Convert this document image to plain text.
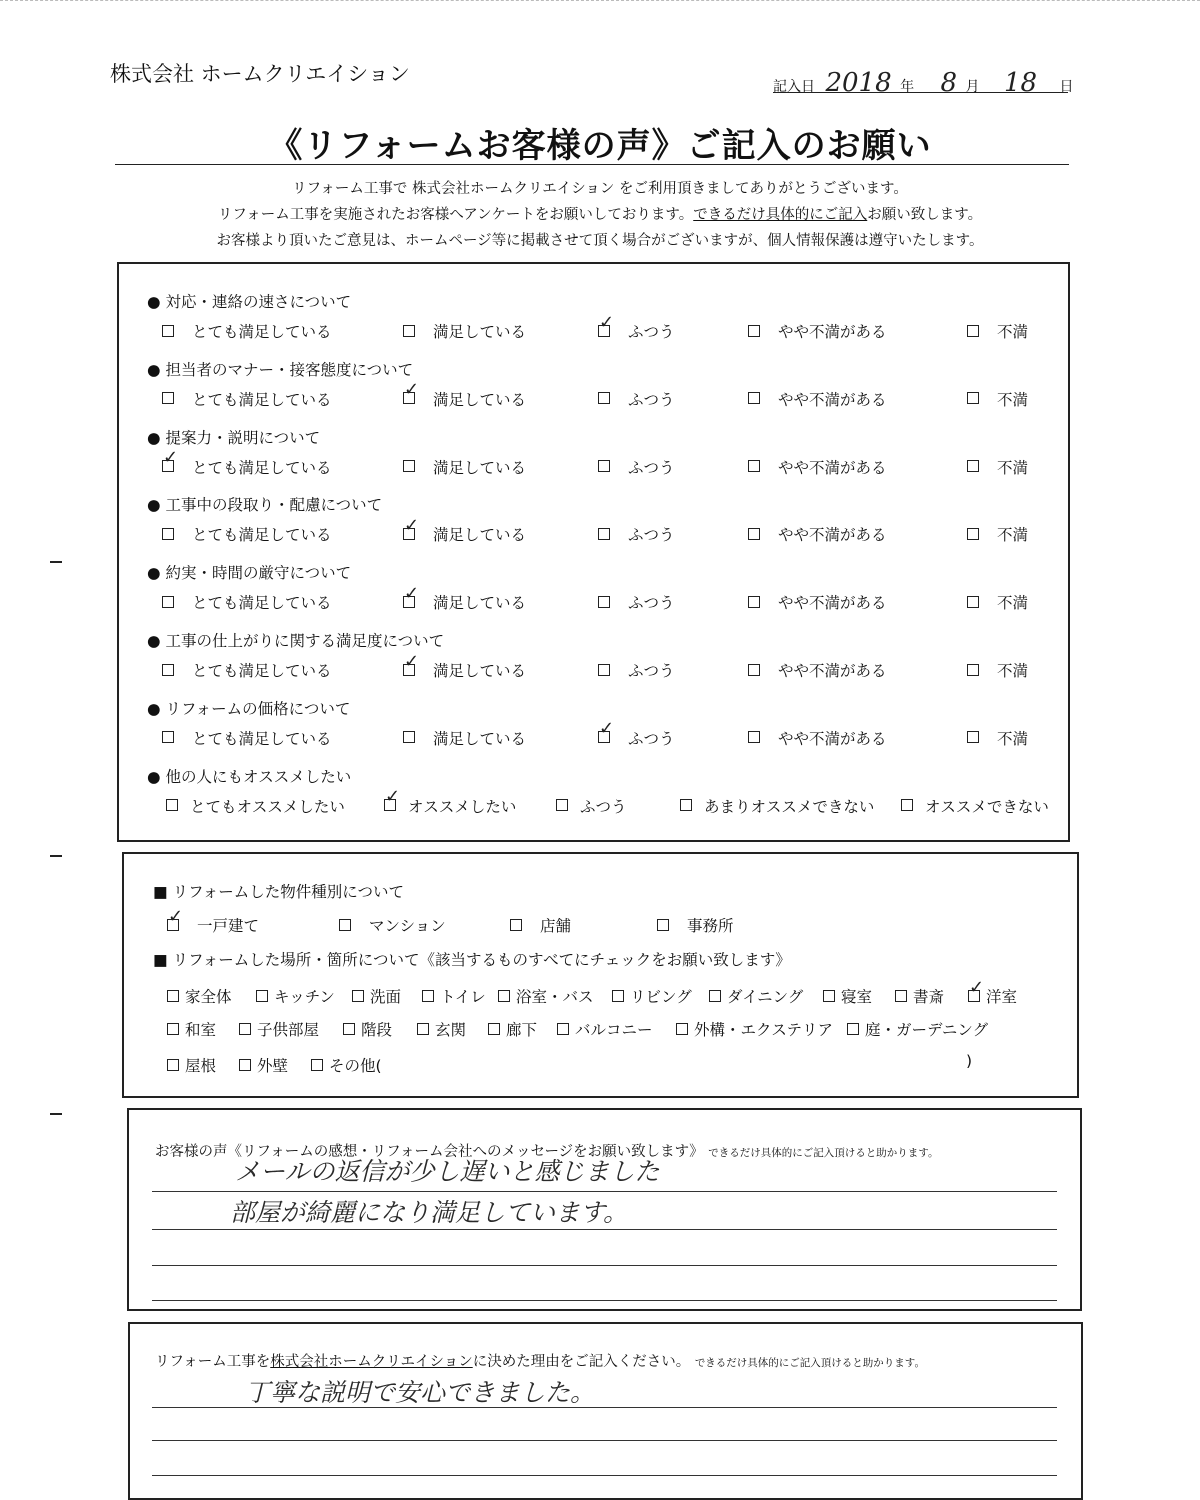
株式会社 ホームクリエイション
記入日 2018 年 8 月 18 日
《リフォームお客様の声》ご記入のお願い
リフォーム工事で 株式会社ホームクリエイション をご利用頂きましてありがとうございます。
リフォーム工事を実施されたお客様へアンケートをお願いしております。できるだけ具体的にご記入お願い致します。
お客様より頂いたご意見は、ホームページ等に掲載させて頂く場合がございますが、個人情報保護は遵守いたします。
● 対応・連絡の速さについて
とても満足している	満足している ✓	ふつう	やや不満がある	不満
● 担当者のマナー・接客態度について
とても満足している ✓	満足している	ふつう	やや不満がある	不満
● 提案力・説明について
✓とても満足している	満足している	ふつう	やや不満がある	不満
● 工事中の段取り・配慮について
とても満足している ✓	満足している	ふつう	やや不満がある	不満
● 約実・時間の厳守について
とても満足している ✓	満足している	ふつう	やや不満がある	不満
● 工事の仕上がりに関する満足度について
とても満足している ✓	満足している	ふつう	やや不満がある	不満
● リフォームの価格について
とても満足している	満足している ✓	ふつう	やや不満がある	不満
● 他の人にもオススメしたい
とてもオススメしたい ✓	オススメしたい	ふつう	あまりオススメできない	オススメできない
■ リフォームした物件種別について
✓一戸建て	マンション	店舗	事務所
■ リフォームした場所・箇所について《該当するものすべてにチェックをお願い致します》
家全体	キッチン	洗面	トイレ	浴室・バス	リビング	ダイニング	寝室	書斎 ✓	洋室
和室	子供部屋	階段	玄関	廊下	バルコニー	外構・エクステリア	庭・ガーデニング
屋根	外壁	その他(	)
お客様の声《リフォームの感想・リフォーム会社へのメッセージをお願い致します》 できるだけ具体的にご記入頂けると助かります。
メールの返信が少し遅いと感じました
部屋が綺麗になり満足しています。
リフォーム工事を株式会社ホームクリエイションに決めた理由をご記入ください。 できるだけ具体的にご記入頂けると助かります。
丁寧な説明で安心できました。
